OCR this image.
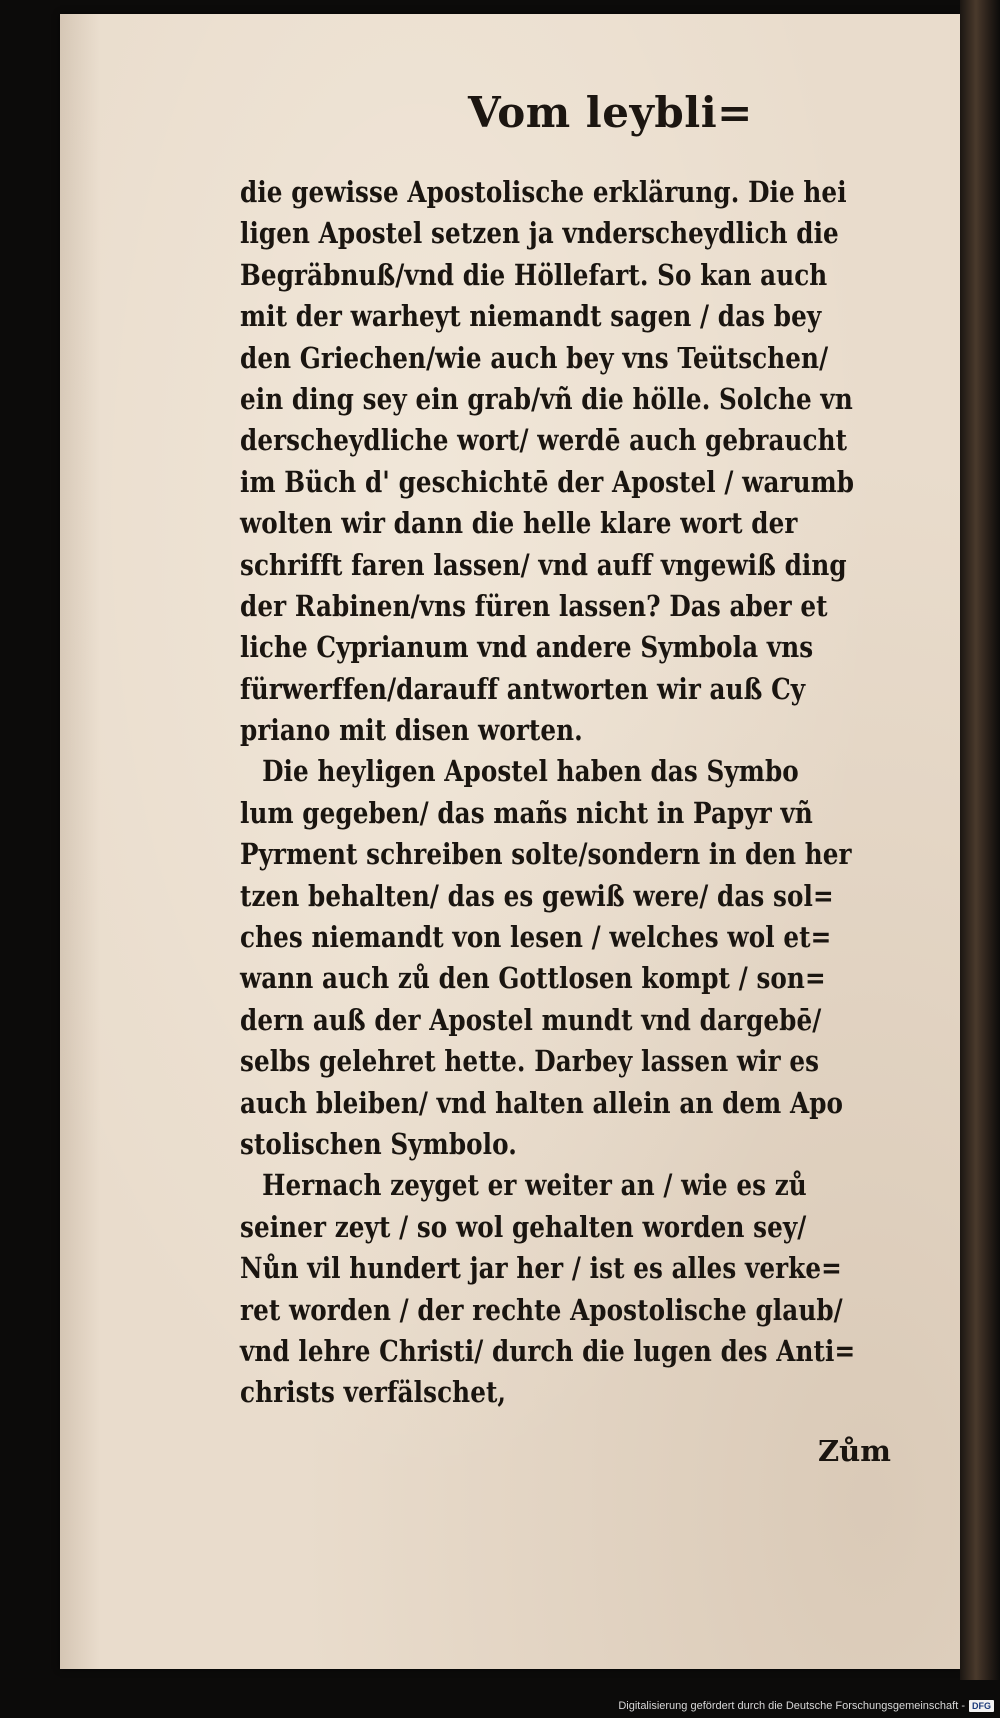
Vom leybli=
die gewisse Apostolische erklärung. Die hei
ligen Apostel setzen ja vnderscheydlich die
Begräbnuß/vnd die Höllefart. So kan auch
mit der warheyt niemandt sagen / das bey
den Griechen/wie auch bey vns Teütschen/
ein ding sey ein grab/vñ die hölle. Solche vn
derscheydliche wort/ werdē auch gebraucht
im Büch d' geschichtē der Apostel / warumb
wolten wir dann die helle klare wort der
schrifft faren lassen/ vnd auff vngewiß ding
der Rabinen/vns füren lassen? Das aber et
liche Cyprianum vnd andere Symbola vns
fürwerffen/darauff antworten wir auß Cy
priano mit disen worten.
Die heyligen Apostel haben das Symbo
lum gegeben/ das mañs nicht in Papyr vñ
Pyrment schreiben solte/sondern in den her
tzen behalten/ das es gewiß were/ das sol=
ches niemandt von lesen / welches wol et=
wann auch zů den Gottlosen kompt / son=
dern auß der Apostel mundt vnd dargebē/
selbs gelehret hette. Darbey lassen wir es
auch bleiben/ vnd halten allein an dem Apo
stolischen Symbolo.
Hernach zeyget er weiter an / wie es zů
seiner zeyt / so wol gehalten worden sey/
Nůn vil hundert jar her / ist es alles verke=
ret worden / der rechte Apostolische glaub/
vnd lehre Christi/ durch die lugen des Anti=
christs verfälschet,
Zům
Digitalisierung gefördert durch die Deutsche Forschungsgemeinschaft - DFG
